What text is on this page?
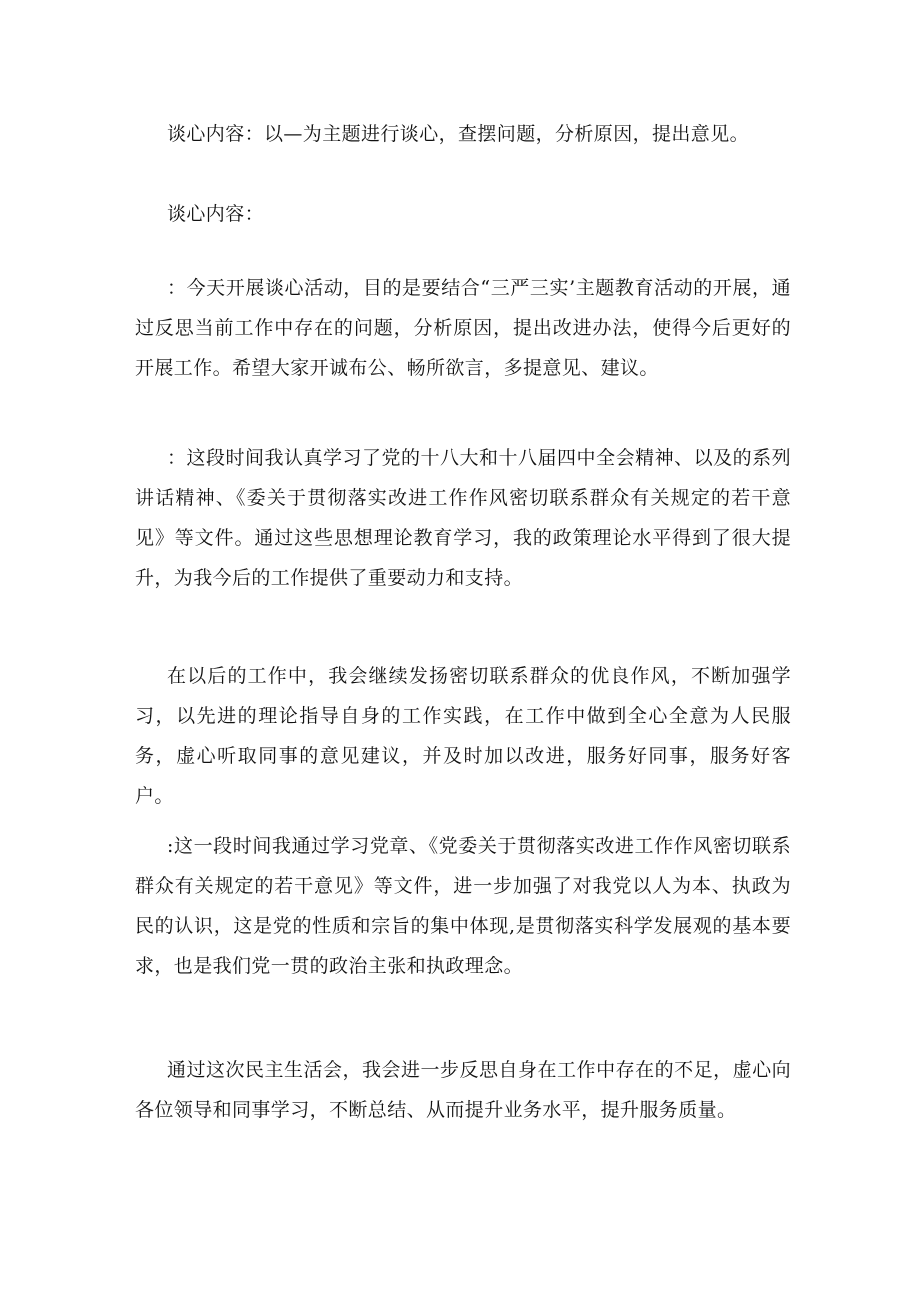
谈心内容：以—为主题进行谈心，查摆问题，分析原因，提出意见。

谈心内容：

：今天开展谈心活动，目的是要结合“三严三实’主题教育活动的开展，通过反思当前工作中存在的问题，分析原因，提出改进办法，使得今后更好的开展工作。希望大家开诚布公、畅所欲言，多提意见、建议。

：这段时间我认真学习了党的十八大和十八届四中全会精神、以及的系列讲话精神、《委关于贯彻落实改进工作作风密切联系群众有关规定的若干意见》等文件。通过这些思想理论教育学习，我的政策理论水平得到了很大提升，为我今后的工作提供了重要动力和支持。

在以后的工作中，我会继续发扬密切联系群众的优良作风，不断加强学习，以先进的理论指导自身的工作实践，在工作中做到全心全意为人民服务，虚心听取同事的意见建议，并及时加以改进，服务好同事，服务好客户。

:这一段时间我通过学习党章、《党委关于贯彻落实改进工作作风密切联系群众有关规定的若干意见》等文件，进一步加强了对我党以人为本、执政为民的认识，这是党的性质和宗旨的集中体现,是贯彻落实科学发展观的基本要求，也是我们党一贯的政治主张和执政理念。

通过这次民主生活会，我会进一步反思自身在工作中存在的不足，虚心向各位领导和同事学习，不断总结、从而提升业务水平，提升服务质量。
